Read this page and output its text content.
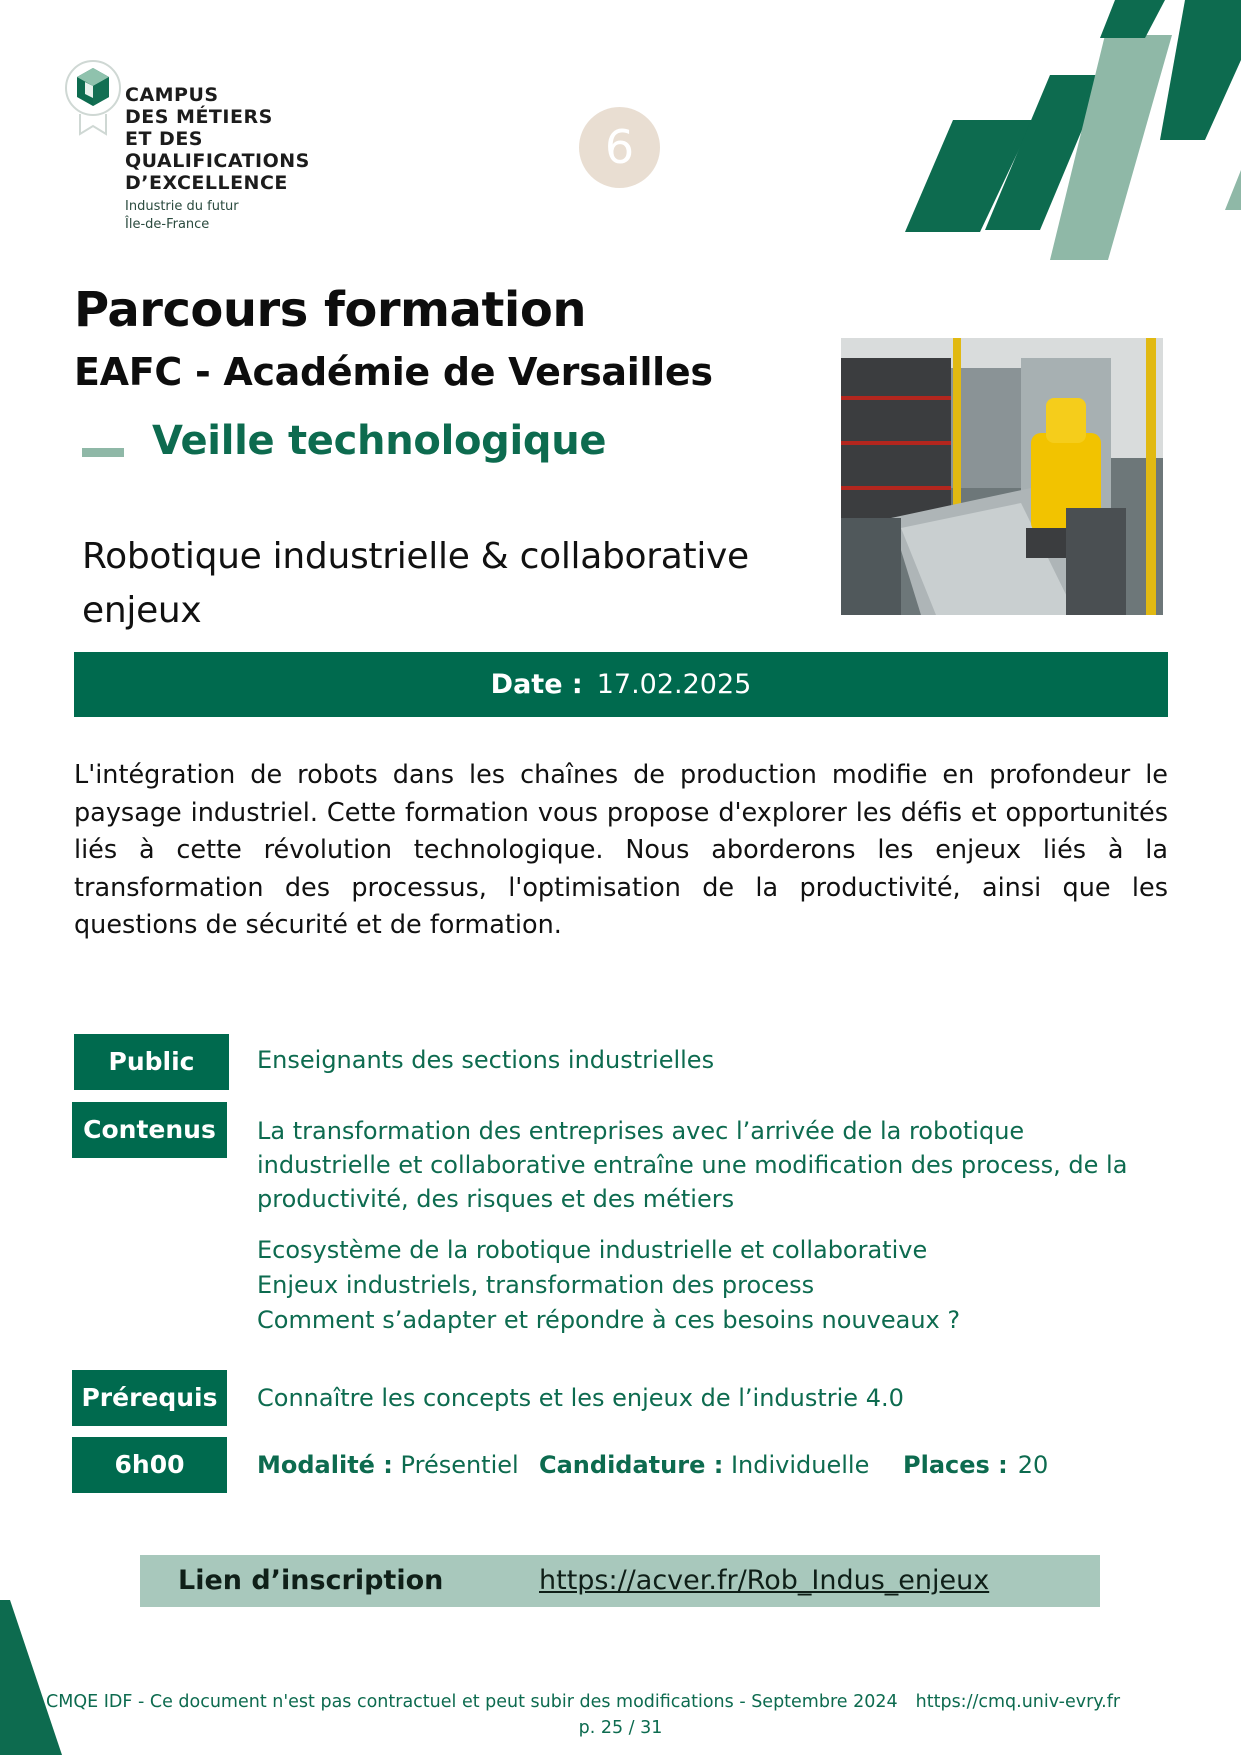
CAMPUS
DES MÉTIERS
ET DES
QUALIFICATIONS
D’EXCELLENCE
Industrie du futur
Île-de-France
6
Parcours formation
EAFC - Académie de Versailles
Veille technologique
Robotique industrielle & collaborative enjeux
Date : 17.02.2025
L'intégration de robots dans les chaînes de production modifie en profondeur le paysage industriel. Cette formation vous propose d'explorer les défis et opportunités liés à cette révolution technologique. Nous aborderons les enjeux liés à la transformation des processus, l'optimisation de la productivité, ainsi que les questions de sécurité et de formation.
Public	Enseignants des sections industrielles
Contenus	La transformation des entreprises avec l’arrivée de la robotique industrielle et collaborative entraîne une modification des process, de la productivité, des risques et des métiers
Ecosystème de la robotique industrielle et collaborative
Enjeux industriels, transformation des process
Comment s’adapter et répondre à ces besoins nouveaux ?
Prérequis	Connaître les concepts et les enjeux de l’industrie 4.0
6h00	Modalité : Présentiel Candidature : Individuelle Places : 20
Lien d’inscription	https://acver.fr/Rob_Indus_enjeux
CMQE IDF - Ce document n'est pas contractuel et peut subir des modifications - Septembre 2024 https://cmq.univ-evry.fr
p. 25 / 31
